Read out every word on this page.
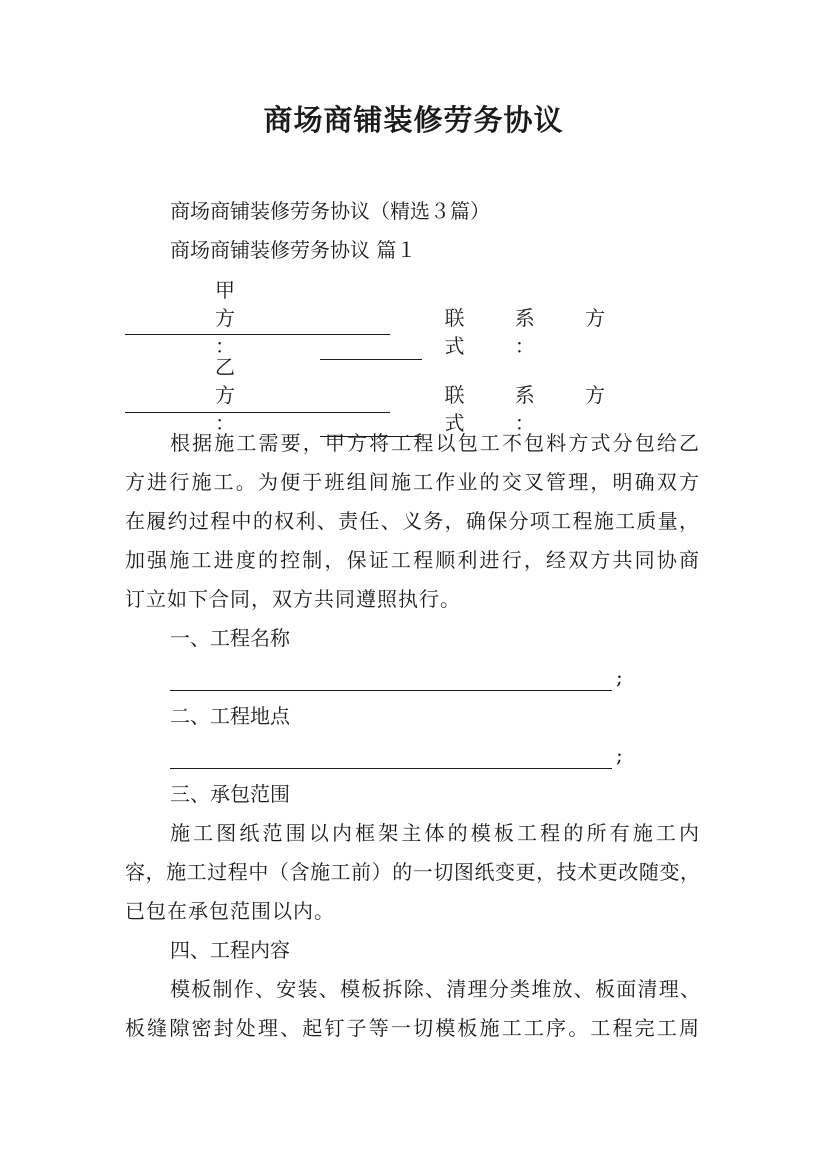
商场商铺装修劳务协议

商场商铺装修劳务协议（精选３篇）

商场商铺装修劳务协议 篇１

甲 方 ：
联 系 方 式 ：
乙 方 ：
联 系 方 式 ：
根据施工需要，甲方将工程以包工不包料方式分包给乙
方进行施工。为便于班组间施工作业的交叉管理，明确双方
在履约过程中的权利、责任、义务，确保分项工程施工质量，
加强施工进度的控制，保证工程顺利进行，经双方共同协商

订立如下合同，双方共同遵照执行。

一、工程名称

;

二、工程地点

;

三、承包范围

施工图纸范围以内框架主体的模板工程的所有施工内
容，施工过程中（含施工前）的一切图纸变更，技术更改随变，

已包在承包范围以内。

四、工程内容

模板制作、安装、模板拆除、清理分类堆放、板面清理、
板缝隙密封处理、起钉子等一切模板施工工序。工程完工周
